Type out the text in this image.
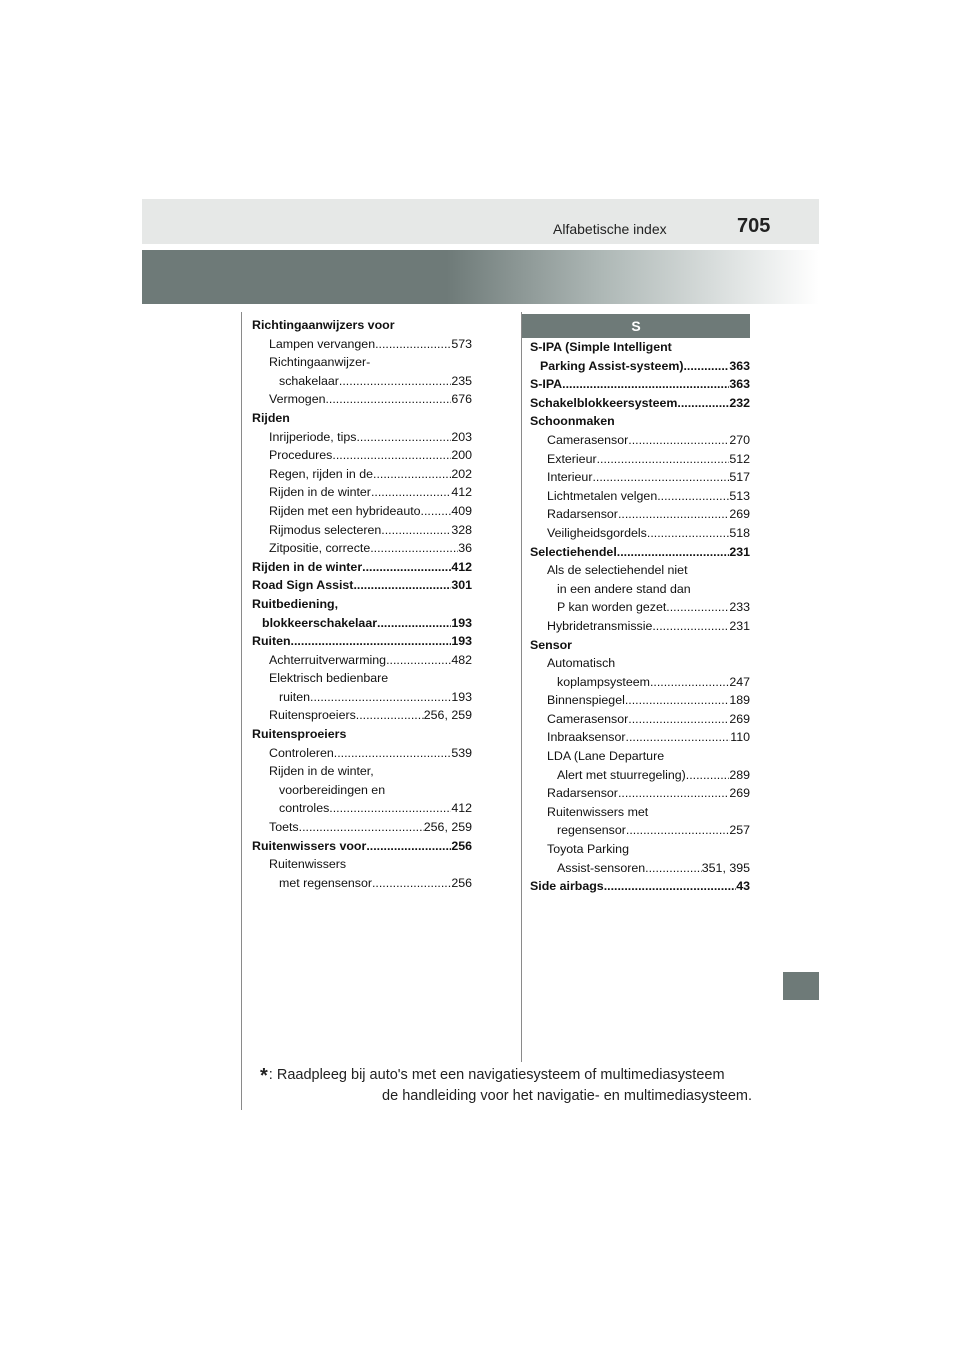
Alfabetische index	705
S
Richtingaanwijzers voor
Lampen vervangen .....	573
Richtingaanwijzer-
schakelaar .....	235
Vermogen .....	676
Rijden
Inrijperiode, tips .....	203
Procedures .....	200
Regen, rijden in de .....	202
Rijden in de winter .....	412
Rijden met een hybrideauto ..... 409
Rijmodus selecteren .....	328
Zitpositie, correcte .....	36
Rijden in de winter .....	412
Road Sign Assist .....	301
Ruitbediening,
blokkeerschakelaar .....	193
Ruiten .....	193
Achterruitverwarming .....	482
Elektrisch bedienbare
ruiten .....	193
Ruitensproeiers .....	256, 259
Ruitensproeiers
Controleren .....	539
Rijden in de winter,
voorbereidingen en
controles .....	412
Toets .....	256, 259
Ruitenwissers voor .....	256
Ruitenwissers
met regensensor .....	256
S-IPA (Simple Intelligent
Parking Assist-systeem) .....	363
S-IPA .....	363
Schakelblokkeersysteem .....	232
Schoonmaken
Camerasensor .....	270
Exterieur .....	512
Interieur .....	517
Lichtmetalen velgen .....	513
Radarsensor .....	269
Veiligheidsgordels .....	518
Selectiehendel .....	231
Als de selectiehendel niet
in een andere stand dan
P kan worden gezet .....	233
Hybridetransmissie .....	231
Sensor
Automatisch
koplampsysteem .....	247
Binnenspiegel .....	189
Camerasensor .....	269
Inbraaksensor .....	110
LDA (Lane Departure
Alert met stuurregeling) .....	289
Radarsensor .....	269
Ruitenwissers met
regensensor .....	257
Toyota Parking
Assist-sensoren .....	351, 395
Side airbags .....	43
*: Raadpleeg bij auto's met een navigatiesysteem of multimediasysteem
de handleiding voor het navigatie- en multimediasysteem.
